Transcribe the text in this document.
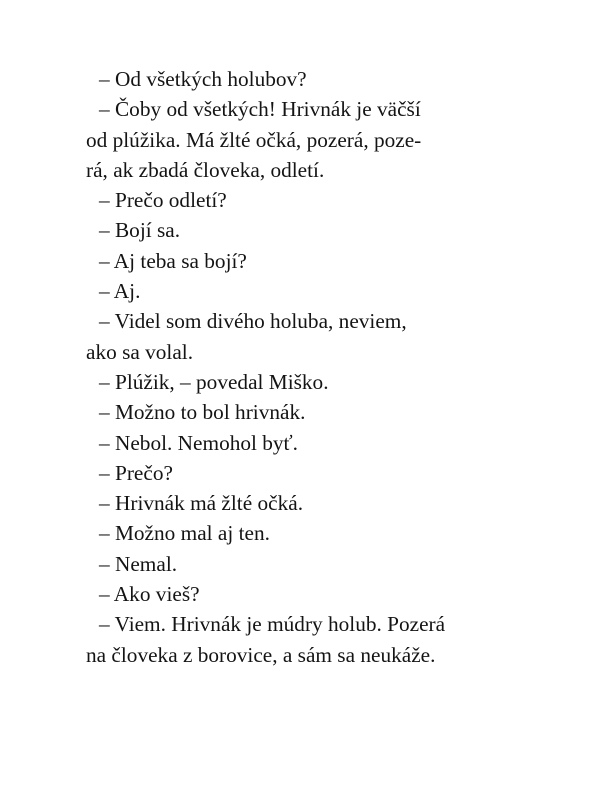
– Od všetkých holubov?
– Čoby od všetkých! Hrivnák je väčší
od plúžika. Má žlté očká, pozerá, poze-
rá, ak zbadá človeka, odletí.
– Prečo odletí?
– Bojí sa.
– Aj teba sa bojí?
– Aj.
– Videl som divého holuba, neviem,
ako sa volal.
– Plúžik, – povedal Miško.
– Možno to bol hrivnák.
– Nebol. Nemohol byť.
– Prečo?
– Hrivnák má žlté očká.
– Možno mal aj ten.
– Nemal.
– Ako vieš?
– Viem. Hrivnák je múdry holub. Pozerá
na človeka z borovice, a sám sa neukáže.
